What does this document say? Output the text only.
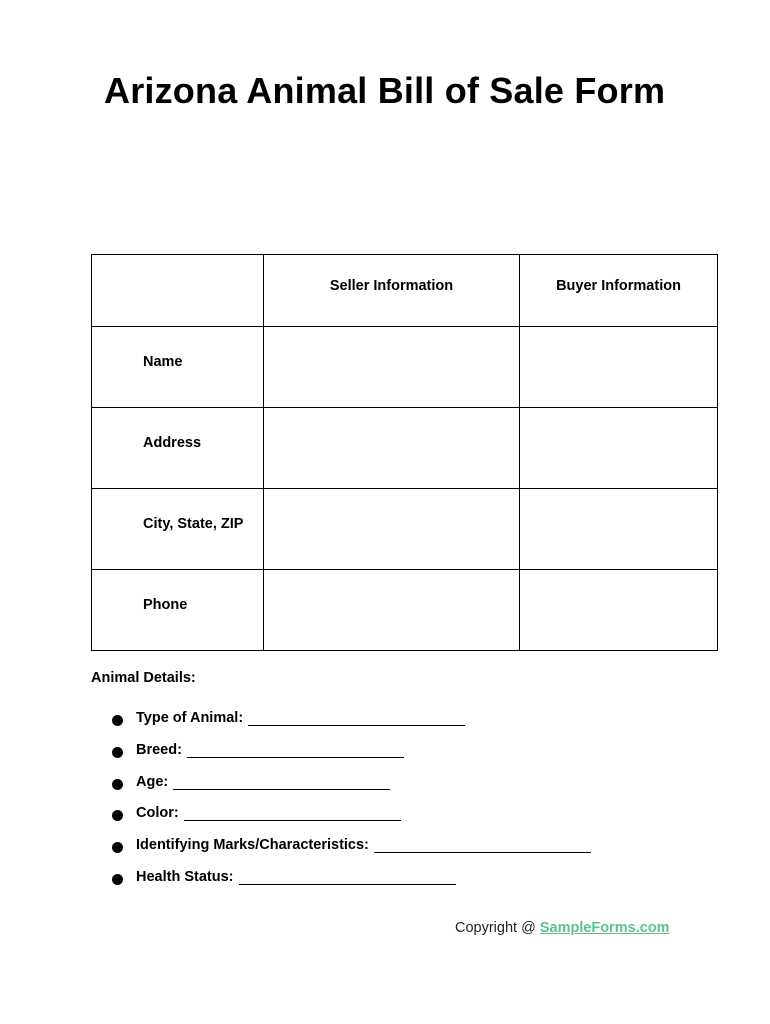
Arizona Animal Bill of Sale Form
	Seller Information	Buyer Information
Name		
Address		
City, State, ZIP		
Phone		
Animal Details:
Type of Animal:
Breed:
Age:
Color:
Identifying Marks/Characteristics:
Health Status:
Copyright @ SampleForms.com
